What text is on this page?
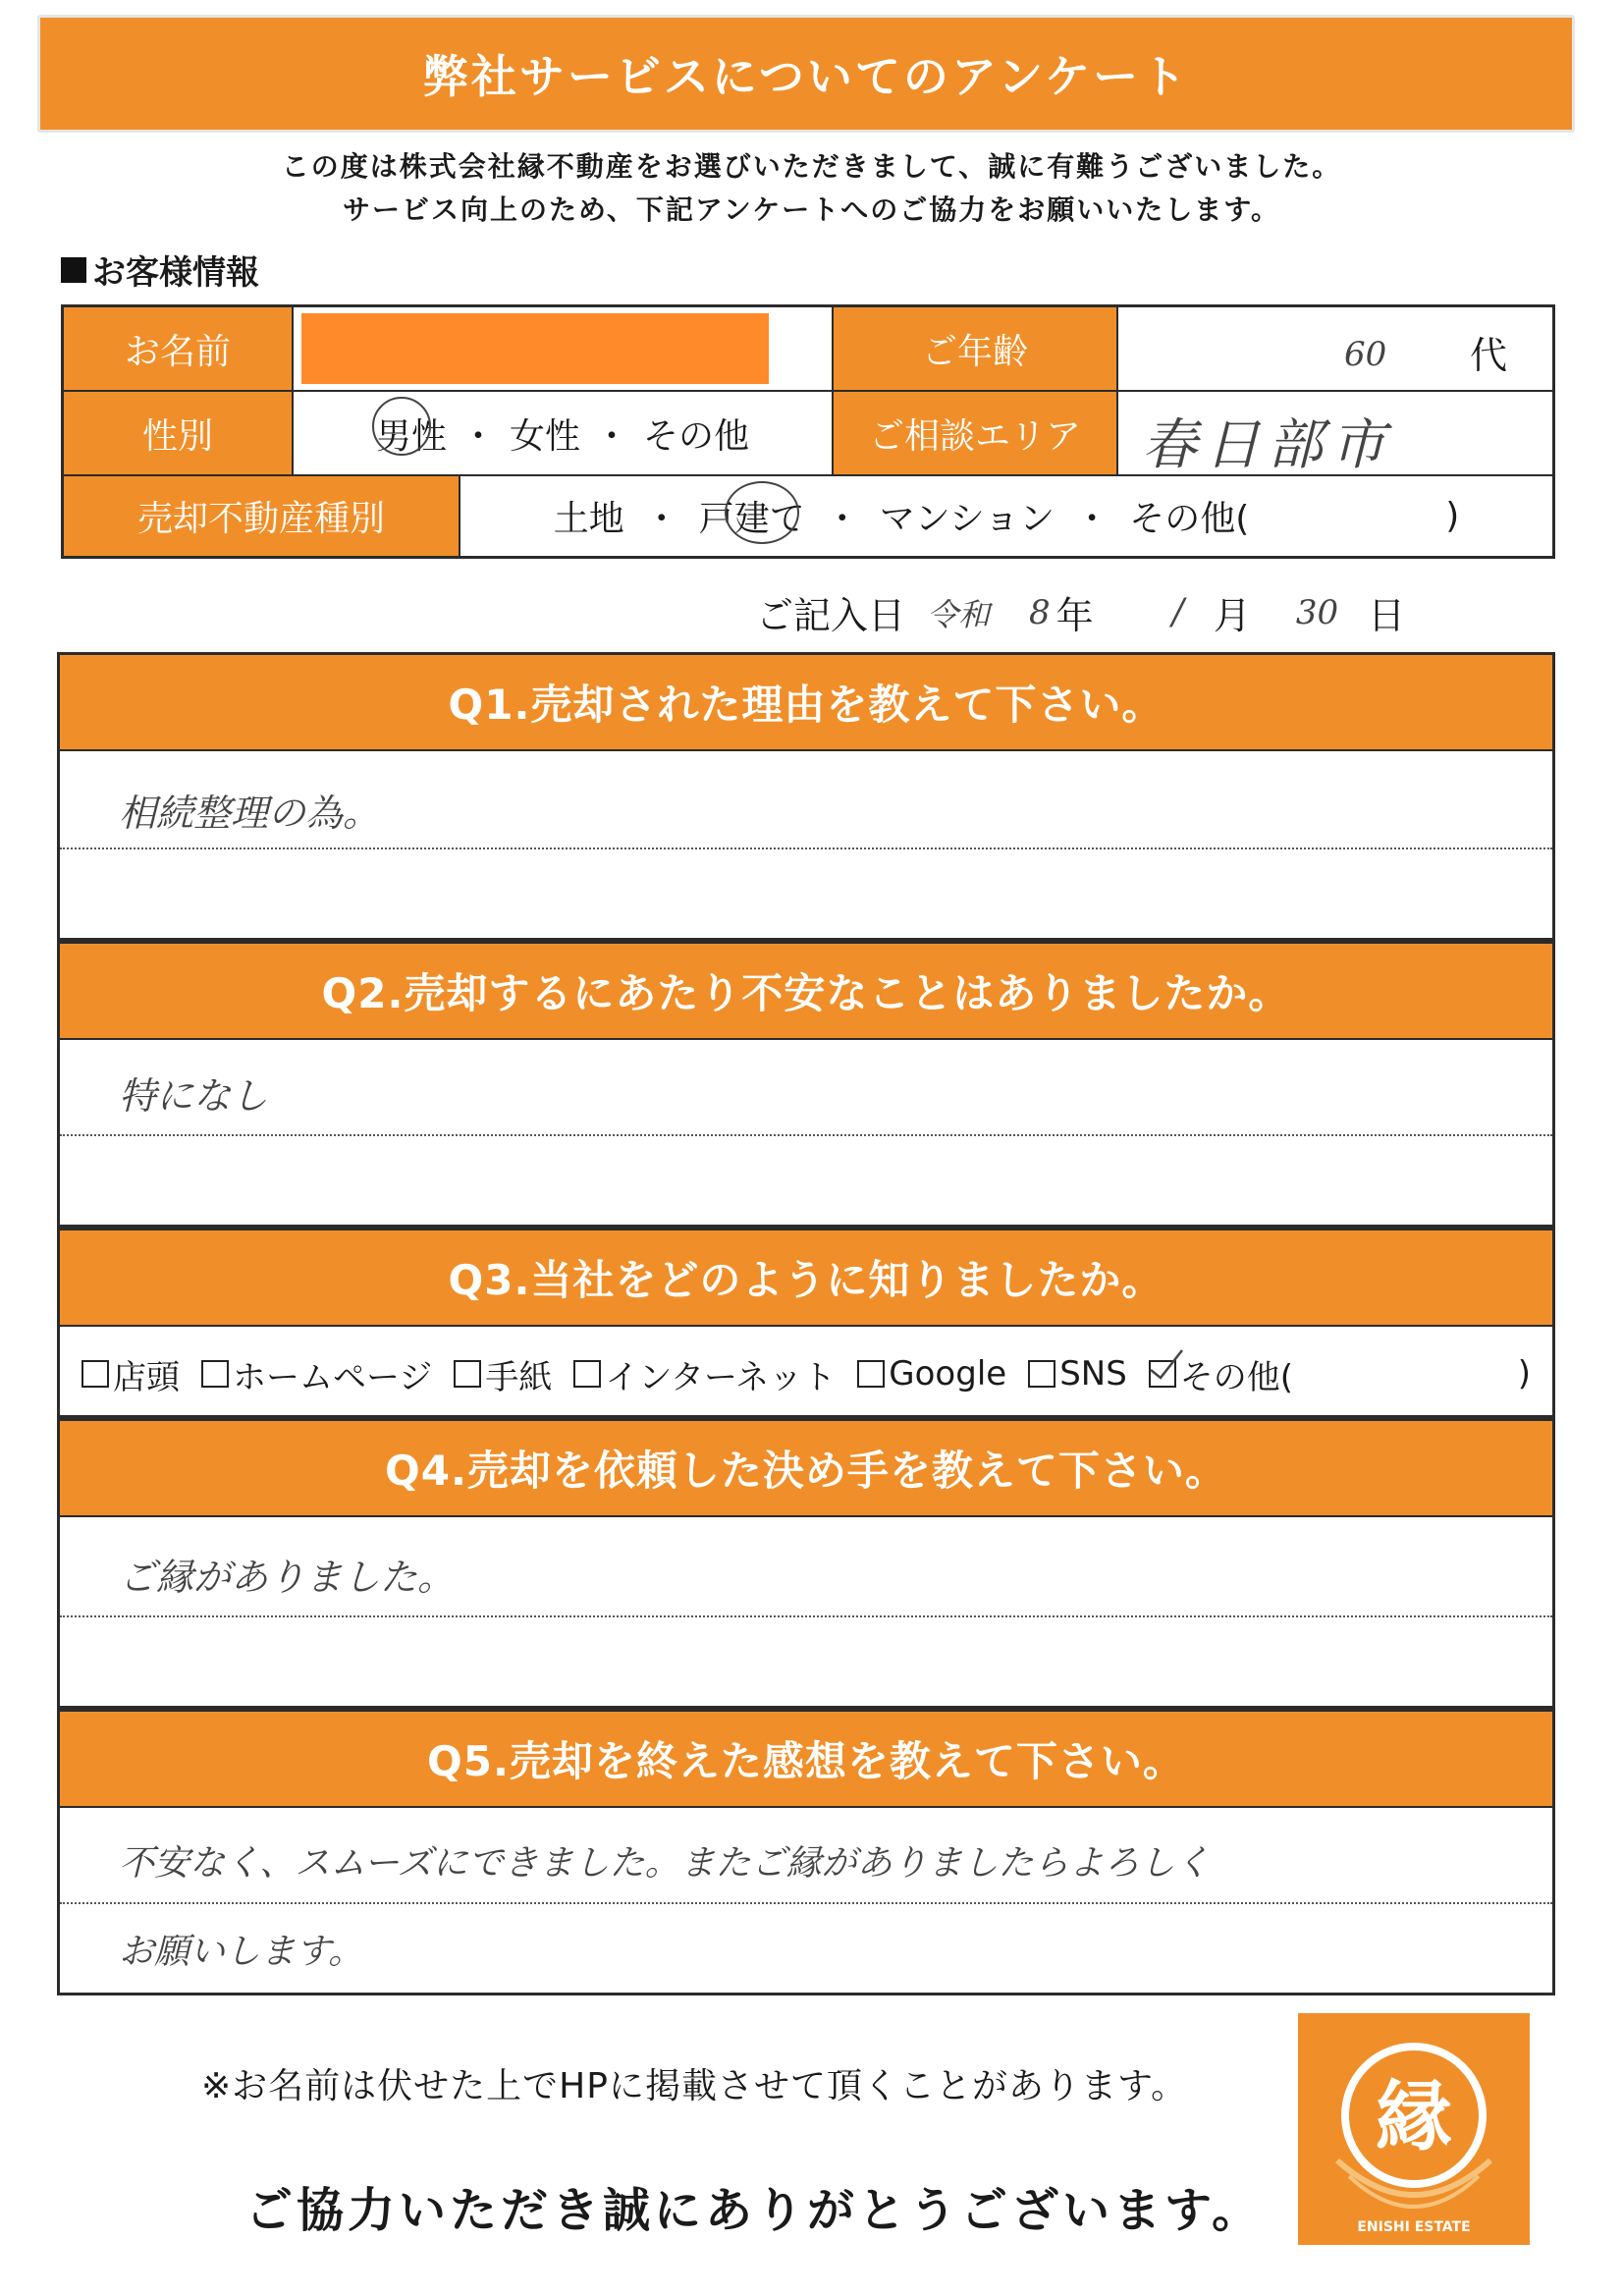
弊社サービスについてのアンケート
この度は株式会社縁不動産をお選びいただきまして、誠に有難うございました。
サービス向上のため、下記アンケートへのご協力をお願いいたします。
お客様情報
お名前	ご年齢	60 代
性別	男性 ・ 女性 ・ その他	ご相談エリア	春日部市
売却不動産種別	土地 ・ 戸建て ・ マンション ・ その他(	)
ご記入日 令和 8 年 / 月 30 日
Q1.売却された理由を教えて下さい。
相続整理の為。
Q2.売却するにあたり不安なことはありましたか。
特になし
Q3.当社をどのように知りましたか。
店頭 ホームページ 手紙 インターネット Google SNS その他(	)
Q4.売却を依頼した決め手を教えて下さい。
ご縁がありました。
Q5.売却を終えた感想を教えて下さい。
不安なく、スムーズにできました。またご縁がありましたらよろしく
お願いします。
※お名前は伏せた上でHPに掲載させて頂くことがあります。
ご協力いただき誠にありがとうございます。
縁
ENISHI ESTATE
